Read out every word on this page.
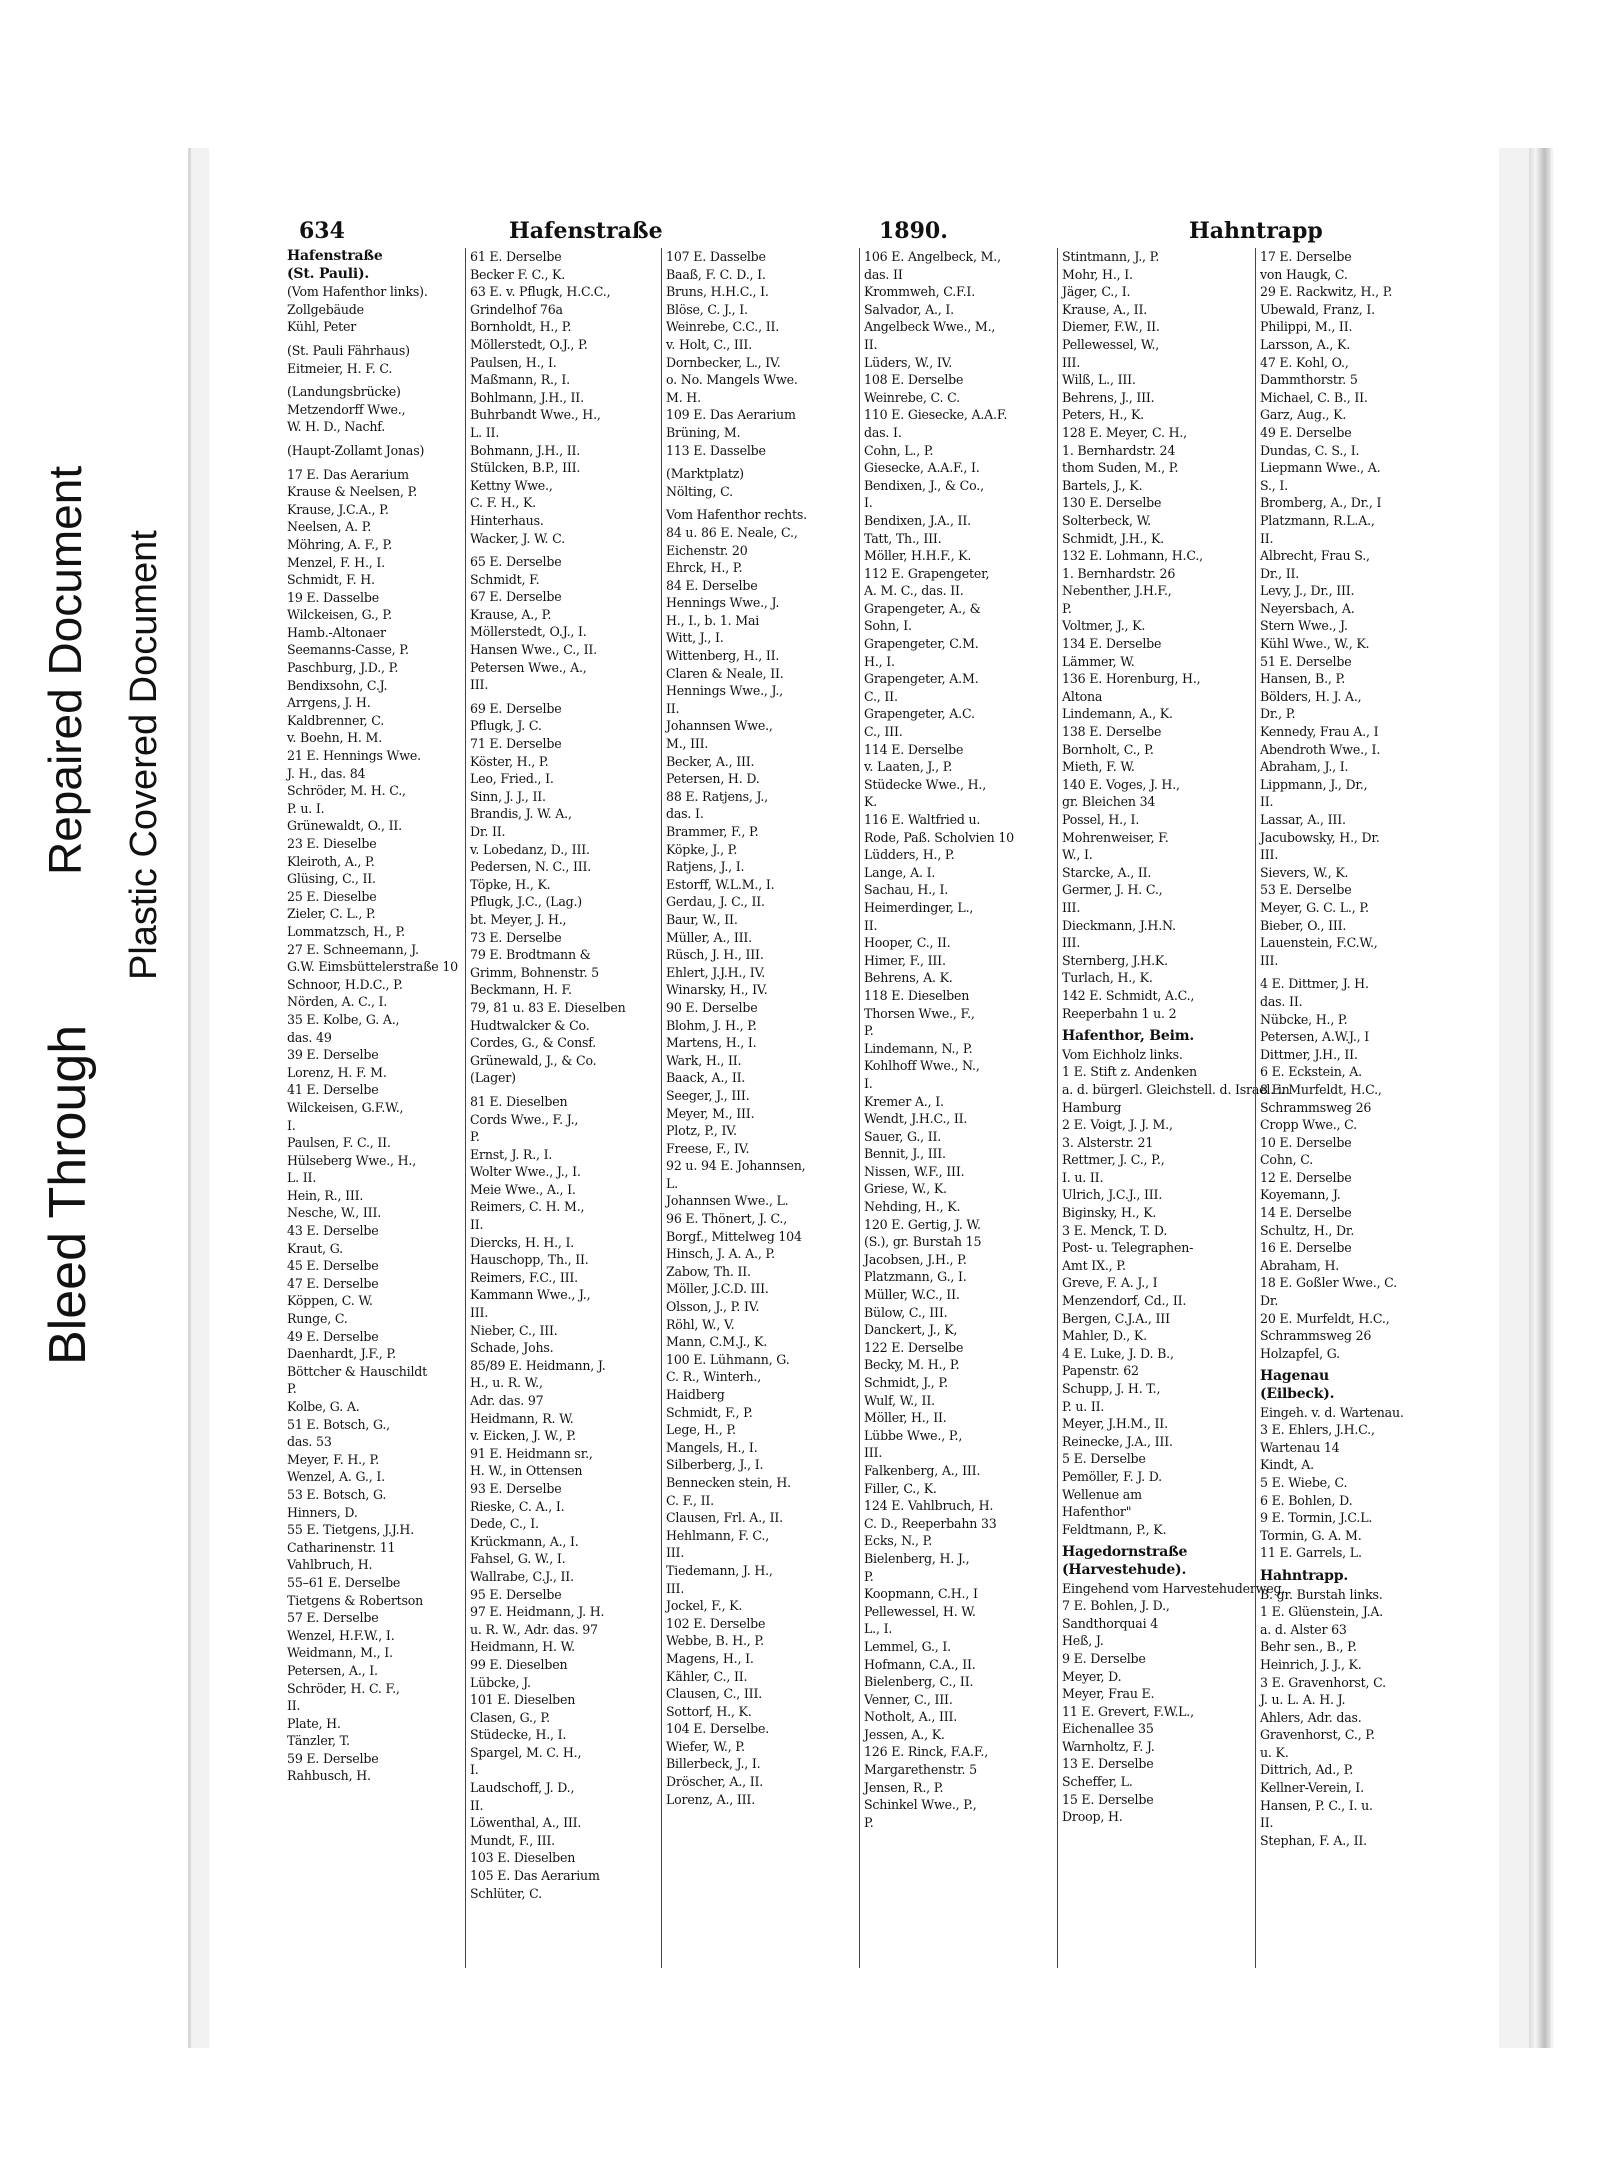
Bleed Through
Repaired Document Plastic Covered Document
634	Hafenstraße	1890.	Hahntrapp
Hafenstraße
(St. Pauli).
(Vom Hafenthor links).
Zollgebäude
Kühl, Peter
(St. Pauli Fährhaus)
Eitmeier, H. F. C.
(Landungsbrücke)
Metzendorff Wwe.,
W. H. D., Nachf.
(Haupt-Zollamt Jonas)
17 E. Das Aerarium
Krause & Neelsen, P.
Krause, J.C.A., P.
Neelsen, A. P.
Möhring, A. F., P.
Menzel, F. H., I.
Schmidt, F. H.
19 E. Dasselbe
Wilckeisen, G., P.
Hamb.-Altonaer
Seemanns-Casse, P.
Paschburg, J.D., P.
Bendixsohn, C.J.
Arrgens, J. H.
Kaldbrenner, C.
v. Boehn, H. M.
21 E. Hennings Wwe.
J. H., das. 84
Schröder, M. H. C.,
P. u. I.
Grünewaldt, O., II.
23 E. Dieselbe
Kleiroth, A., P.
Glüsing, C., II.
25 E. Dieselbe
Zieler, C. L., P.
Lommatzsch, H., P.
27 E. Schneemann, J.
G.W. Eimsbüttelerstraße 10
Schnoor, H.D.C., P.
Nörden, A. C., I.
35 E. Kolbe, G. A.,
das. 49
39 E. Derselbe
Lorenz, H. F. M.
41 E. Derselbe
Wilckeisen, G.F.W.,
I.
Paulsen, F. C., II.
Hülseberg Wwe., H.,
L. II.
Hein, R., III.
Nesche, W., III.
43 E. Derselbe
Kraut, G.
45 E. Derselbe
47 E. Derselbe
Köppen, C. W.
Runge, C.
49 E. Derselbe
Daenhardt, J.F., P.
Böttcher & Hauschildt
P.
Kolbe, G. A.
51 E. Botsch, G.,
das. 53
Meyer, F. H., P.
Wenzel, A. G., I.
53 E. Botsch, G.
Hinners, D.
55 E. Tietgens, J.J.H.
Catharinenstr. 11
Vahlbruch, H.
55–61 E. Derselbe
Tietgens & Robertson
57 E. Derselbe
Wenzel, H.F.W., I.
Weidmann, M., I.
Petersen, A., I.
Schröder, H. C. F.,
II.
Plate, H.
Tänzler, T.
59 E. Derselbe
Rahbusch, H.
61 E. Derselbe
Becker F. C., K.
63 E. v. Pflugk, H.C.C.,
Grindelhof 76a
Bornholdt, H., P.
Möllerstedt, O.J., P.
Paulsen, H., I.
Maßmann, R., I.
Bohlmann, J.H., II.
Buhrbandt Wwe., H.,
L. II.
Bohmann, J.H., II.
Stülcken, B.P., III.
Kettny Wwe.,
C. F. H., K.
Hinterhaus.
Wacker, J. W. C.
65 E. Derselbe
Schmidt, F.
67 E. Derselbe
Krause, A., P.
Möllerstedt, O.J., I.
Hansen Wwe., C., II.
Petersen Wwe., A.,
III.
69 E. Derselbe
Pflugk, J. C.
71 E. Derselbe
Köster, H., P.
Leo, Fried., I.
Sinn, J. J., II.
Brandis, J. W. A.,
Dr. II.
v. Lobedanz, D., III.
Pedersen, N. C., III.
Töpke, H., K.
Pflugk, J.C., (Lag.)
bt. Meyer, J. H.,
73 E. Derselbe
79 E. Brodtmann &
Grimm, Bohnenstr. 5
Beckmann, H. F.
79, 81 u. 83 E. Dieselben
Hudtwalcker & Co.
Cordes, G., & Consf.
Grünewald, J., & Co.
(Lager)
81 E. Dieselben
Cords Wwe., F. J.,
P.
Ernst, J. R., I.
Wolter Wwe., J., I.
Meie Wwe., A., I.
Reimers, C. H. M.,
II.
Diercks, H. H., I.
Hauschopp, Th., II.
Reimers, F.C., III.
Kammann Wwe., J.,
III.
Nieber, C., III.
Schade, Johs.
85/89 E. Heidmann, J.
H., u. R. W.,
Adr. das. 97
Heidmann, R. W.
v. Eicken, J. W., P.
91 E. Heidmann sr.,
H. W., in Ottensen
93 E. Derselbe
Rieske, C. A., I.
Dede, C., I.
Krückmann, A., I.
Fahsel, G. W., I.
Wallrabe, C.J., II.
95 E. Derselbe
97 E. Heidmann, J. H.
u. R. W., Adr. das. 97
Heidmann, H. W.
99 E. Dieselben
Lübcke, J.
101 E. Dieselben
Clasen, G., P.
Stüdecke, H., I.
Spargel, M. C. H.,
I.
Laudschoff, J. D.,
II.
Löwenthal, A., III.
Mundt, F., III.
103 E. Dieselben
105 E. Das Aerarium
Schlüter, C.
107 E. Dasselbe
Baaß, F. C. D., I.
Bruns, H.H.C., I.
Blöse, C. J., I.
Weinrebe, C.C., II.
v. Holt, C., III.
Dornbecker, L., IV.
o. No. Mangels Wwe.
M. H.
109 E. Das Aerarium
Brüning, M.
113 E. Dasselbe
(Marktplatz)
Nölting, C.
Vom Hafenthor rechts.
84 u. 86 E. Neale, C.,
Eichenstr. 20
Ehrck, H., P.
84 E. Derselbe
Hennings Wwe., J.
H., I., b. 1. Mai
Witt, J., I.
Wittenberg, H., II.
Claren & Neale, II.
Hennings Wwe., J.,
II.
Johannsen Wwe.,
M., III.
Becker, A., III.
Petersen, H. D.
88 E. Ratjens, J.,
das. I.
Brammer, F., P.
Köpke, J., P.
Ratjens, J., I.
Estorff, W.L.M., I.
Gerdau, J. C., II.
Baur, W., II.
Müller, A., III.
Rüsch, J. H., III.
Ehlert, J.J.H., IV.
Winarsky, H., IV.
90 E. Derselbe
Blohm, J. H., P.
Martens, H., I.
Wark, H., II.
Baack, A., II.
Seeger, J., III.
Meyer, M., III.
Plotz, P., IV.
Freese, F., IV.
92 u. 94 E. Johannsen,
L.
Johannsen Wwe., L.
96 E. Thönert, J. C.,
Borgf., Mittelweg 104
Hinsch, J. A. A., P.
Zabow, Th. II.
Möller, J.C.D. III.
Olsson, J., P. IV.
Röhl, W., V.
Mann, C.M.J., K.
100 E. Lühmann, G.
C. R., Winterh.,
Haidberg
Schmidt, F., P.
Lege, H., P.
Mangels, H., I.
Silberberg, J., I.
Bennecken stein, H.
C. F., II.
Clausen, Frl. A., II.
Hehlmann, F. C.,
III.
Tiedemann, J. H.,
III.
Jockel, F., K.
102 E. Derselbe
Webbe, B. H., P.
Magens, H., I.
Kähler, C., II.
Clausen, C., III.
Sottorf, H., K.
104 E. Derselbe.
Wiefer, W., P.
Billerbeck, J., I.
Dröscher, A., II.
Lorenz, A., III.
106 E. Angelbeck, M.,
das. II
Krommweh, C.F.I.
Salvador, A., I.
Angelbeck Wwe., M.,
II.
Lüders, W., IV.
108 E. Derselbe
Weinrebe, C. C.
110 E. Giesecke, A.A.F.
das. I.
Cohn, L., P.
Giesecke, A.A.F., I.
Bendixen, J., & Co.,
I.
Bendixen, J.A., II.
Tatt, Th., III.
Möller, H.H.F., K.
112 E. Grapengeter,
A. M. C., das. II.
Grapengeter, A., &
Sohn, I.
Grapengeter, C.M.
H., I.
Grapengeter, A.M.
C., II.
Grapengeter, A.C.
C., III.
114 E. Derselbe
v. Laaten, J., P.
Stüdecke Wwe., H.,
K.
116 E. Waltfried u.
Rode, Paß. Scholvien 10
Lüdders, H., P.
Lange, A. I.
Sachau, H., I.
Heimerdinger, L.,
II.
Hooper, C., II.
Himer, F., III.
Behrens, A. K.
118 E. Dieselben
Thorsen Wwe., F.,
P.
Lindemann, N., P.
Kohlhoff Wwe., N.,
I.
Kremer A., I.
Wendt, J.H.C., II.
Sauer, G., II.
Bennit, J., III.
Nissen, W.F., III.
Griese, W., K.
Nehding, H., K.
120 E. Gertig, J. W.
(S.), gr. Burstah 15
Jacobsen, J.H., P.
Platzmann, G., I.
Müller, W.C., II.
Bülow, C., III.
Danckert, J., K,
122 E. Derselbe
Becky, M. H., P.
Schmidt, J., P.
Wulf, W., II.
Möller, H., II.
Lübbe Wwe., P.,
III.
Falkenberg, A., III.
Filler, C., K.
124 E. Vahlbruch, H.
C. D., Reeperbahn 33
Ecks, N., P.
Bielenberg, H. J.,
P.
Koopmann, C.H., I
Pellewessel, H. W.
L., I.
Lemmel, G., I.
Hofmann, C.A., II.
Bielenberg, C., II.
Venner, C., III.
Notholt, A., III.
Jessen, A., K.
126 E. Rinck, F.A.F.,
Margarethenstr. 5
Jensen, R., P.
Schinkel Wwe., P.,
P.
Stintmann, J., P.
Mohr, H., I.
Jäger, C., I.
Krause, A., II.
Diemer, F.W., II.
Pellewessel, W.,
III.
Wilß, L., III.
Behrens, J., III.
Peters, H., K.
128 E. Meyer, C. H.,
1. Bernhardstr. 24
thom Suden, M., P.
Bartels, J., K.
130 E. Derselbe
Solterbeck, W.
Schmidt, J.H., K.
132 E. Lohmann, H.C.,
1. Bernhardstr. 26
Nebenther, J.H.F.,
P.
Voltmer, J., K.
134 E. Derselbe
Lämmer, W.
136 E. Horenburg, H.,
Altona
Lindemann, A., K.
138 E. Derselbe
Bornholt, C., P.
Mieth, F. W.
140 E. Voges, J. H.,
gr. Bleichen 34
Possel, H., I.
Mohrenweiser, F.
W., I.
Starcke, A., II.
Germer, J. H. C.,
III.
Dieckmann, J.H.N.
III.
Sternberg, J.H.K.
Turlach, H., K.
142 E. Schmidt, A.C.,
Reeperbahn 1 u. 2
Hafenthor, Beim.
Vom Eichholz links.
1 E. Stift z. Andenken
a. d. bürgerl. Gleichstell. d. Israel. in
Hamburg
2 E. Voigt, J. J. M.,
3. Alsterstr. 21
Rettmer, J. C., P.,
I. u. II.
Ulrich, J.C.J., III.
Biginsky, H., K.
3 E. Menck, T. D.
Post- u. Telegraphen-
Amt IX., P.
Greve, F. A. J., I
Menzendorf, Cd., II.
Bergen, C.J.A., III
Mahler, D., K.
4 E. Luke, J. D. B.,
Papenstr. 62
Schupp, J. H. T.,
P. u. II.
Meyer, J.H.M., II.
Reinecke, J.A., III.
5 E. Derselbe
Pemöller, F. J. D.
Wellenue am
Hafenthor"
Feldtmann, P., K.
Hagedornstraße
(Harvestehude).
Eingehend vom Harvestehuderweg.
7 E. Bohlen, J. D.,
Sandthorquai 4
Heß, J.
9 E. Derselbe
Meyer, D.
Meyer, Frau E.
11 E. Grevert, F.W.L.,
Eichenallee 35
Warnholtz, F. J.
13 E. Derselbe
Scheffer, L.
15 E. Derselbe
Droop, H.
17 E. Derselbe
von Haugk, C.
29 E. Rackwitz, H., P.
Ubewald, Franz, I.
Philippi, M., II.
Larsson, A., K.
47 E. Kohl, O.,
Dammthorstr. 5
Michael, C. B., II.
Garz, Aug., K.
49 E. Derselbe
Dundas, C. S., I.
Liepmann Wwe., A.
S., I.
Bromberg, A., Dr., I
Platzmann, R.L.A.,
II.
Albrecht, Frau S.,
Dr., II.
Levy, J., Dr., III.
Neyersbach, A.
Stern Wwe., J.
Kühl Wwe., W., K.
51 E. Derselbe
Hansen, B., P.
Bölders, H. J. A.,
Dr., P.
Kennedy, Frau A., I
Abendroth Wwe., I.
Abraham, J., I.
Lippmann, J., Dr.,
II.
Lassar, A., III.
Jacubowsky, H., Dr.
III.
Sievers, W., K.
53 E. Derselbe
Meyer, G. C. L., P.
Bieber, O., III.
Lauenstein, F.C.W.,
III.
4 E. Dittmer, J. H.
das. II.
Nübcke, H., P.
Petersen, A.W.J., I
Dittmer, J.H., II.
6 E. Eckstein, A.
8 E. Murfeldt, H.C.,
Schrammsweg 26
Cropp Wwe., C.
10 E. Derselbe
Cohn, C.
12 E. Derselbe
Koyemann, J.
14 E. Derselbe
Schultz, H., Dr.
16 E. Derselbe
Abraham, H.
18 E. Goßler Wwe., C.
Dr.
20 E. Murfeldt, H.C.,
Schrammsweg 26
Holzapfel, G.
Hagenau
(Eilbeck).
Eingeh. v. d. Wartenau.
3 E. Ehlers, J.H.C.,
Wartenau 14
Kindt, A.
5 E. Wiebe, C.
6 E. Bohlen, D.
9 E. Tormin, J.C.L.
Tormin, G. A. M.
11 E. Garrels, L.
Hahntrapp.
B. gr. Burstah links.
1 E. Glüenstein, J.A.
a. d. Alster 63
Behr sen., B., P.
Heinrich, J. J., K.
3 E. Gravenhorst, C.
J. u. L. A. H. J.
Ahlers, Adr. das.
Gravenhorst, C., P.
u. K.
Dittrich, Ad., P.
Kellner-Verein, I.
Hansen, P. C., I. u.
II.
Stephan, F. A., II.
